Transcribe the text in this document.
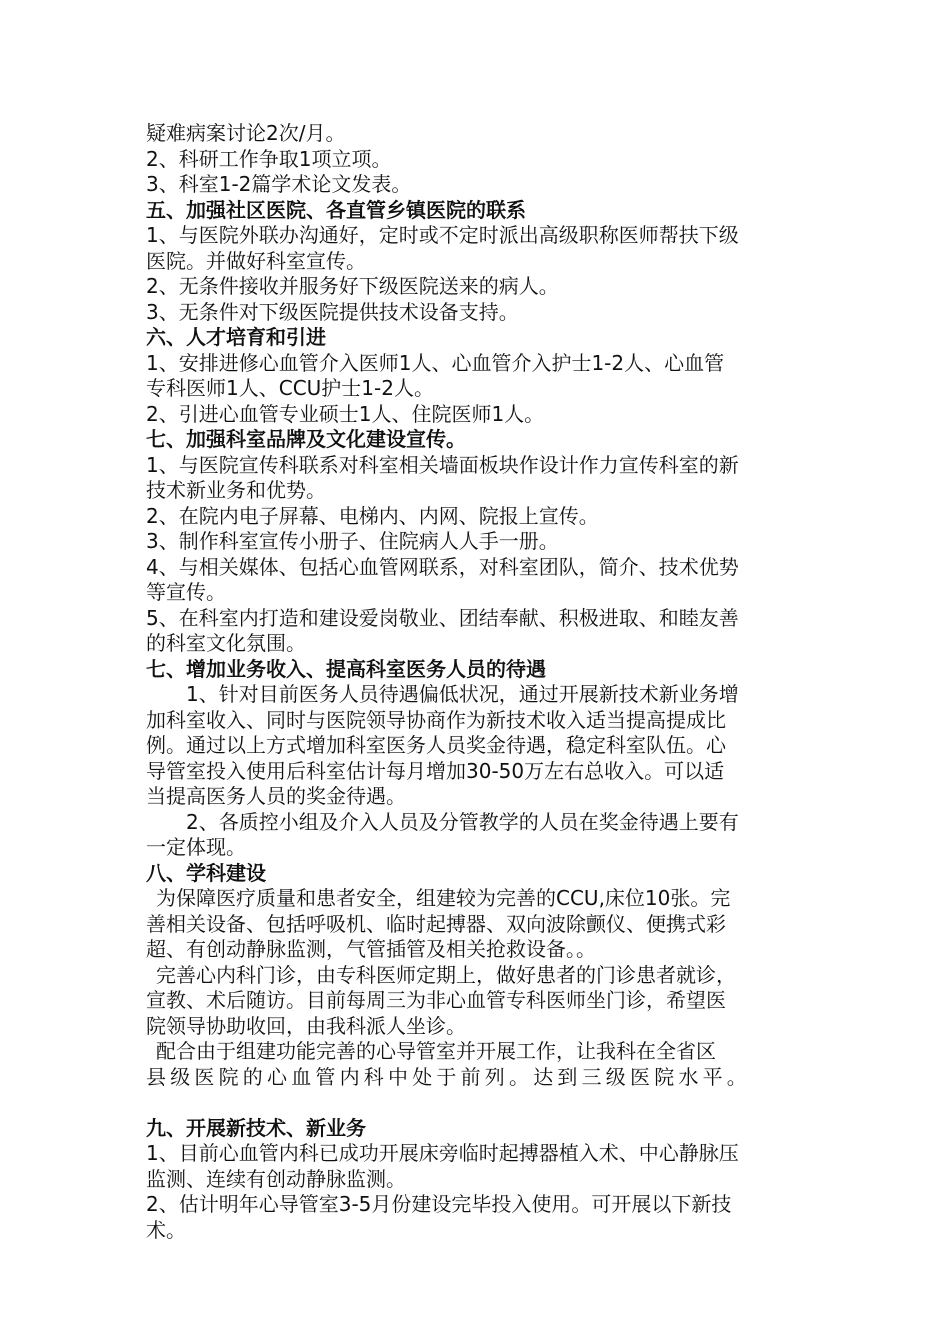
疑难病案讨论2次/月。
2、科研工作争取1项立项。
3、科室1-2篇学术论文发表。
五、加强社区医院、各直管乡镇医院的联系
1、与医院外联办沟通好，定时或不定时派出高级职称医师帮扶下级
医院。并做好科室宣传。
2、无条件接收并服务好下级医院送来的病人。
3、无条件对下级医院提供技术设备支持。
六、人才培育和引进
1、安排进修心血管介入医师1人、心血管介入护士1-2人、心血管
专科医师1人、CCU护士1-2人。
2、引进心血管专业硕士1人、住院医师1人。
七、加强科室品牌及文化建设宣传。
1、与医院宣传科联系对科室相关墙面板块作设计作力宣传科室的新
技术新业务和优势。
2、在院内电子屏幕、电梯内、内网、院报上宣传。
3、制作科室宣传小册子、住院病人人手一册。
4、与相关媒体、包括心血管网联系，对科室团队，简介、技术优势
等宣传。
5、在科室内打造和建设爱岗敬业、团结奉献、积极进取、和睦友善
的科室文化氛围。
七、增加业务收入、提高科室医务人员的待遇
1、针对目前医务人员待遇偏低状况，通过开展新技术新业务增
加科室收入、同时与医院领导协商作为新技术收入适当提高提成比
例。通过以上方式增加科室医务人员奖金待遇，稳定科室队伍。心
导管室投入使用后科室估计每月增加30-50万左右总收入。可以适
当提高医务人员的奖金待遇。
2、各质控小组及介入人员及分管教学的人员在奖金待遇上要有
一定体现。
八、学科建设
为保障医疗质量和患者安全，组建较为完善的CCU,床位10张。完
善相关设备、包括呼吸机、临时起搏器、双向波除颤仪、便携式彩
超、有创动静脉监测，气管插管及相关抢救设备。。
完善心内科门诊，由专科医师定期上，做好患者的门诊患者就诊，
宣教、术后随访。目前每周三为非心血管专科医师坐门诊，希望医
院领导协助收回，由我科派人坐诊。
配合由于组建功能完善的心导管室并开展工作，让我科在全省区
县级医院的心血管内科中处于前列。达到三级医院水平。
九、开展新技术、新业务
1、目前心血管内科已成功开展床旁临时起搏器植入术、中心静脉压
监测、连续有创动静脉监测。
2、估计明年心导管室3-5月份建设完毕投入使用。可开展以下新技
术。
